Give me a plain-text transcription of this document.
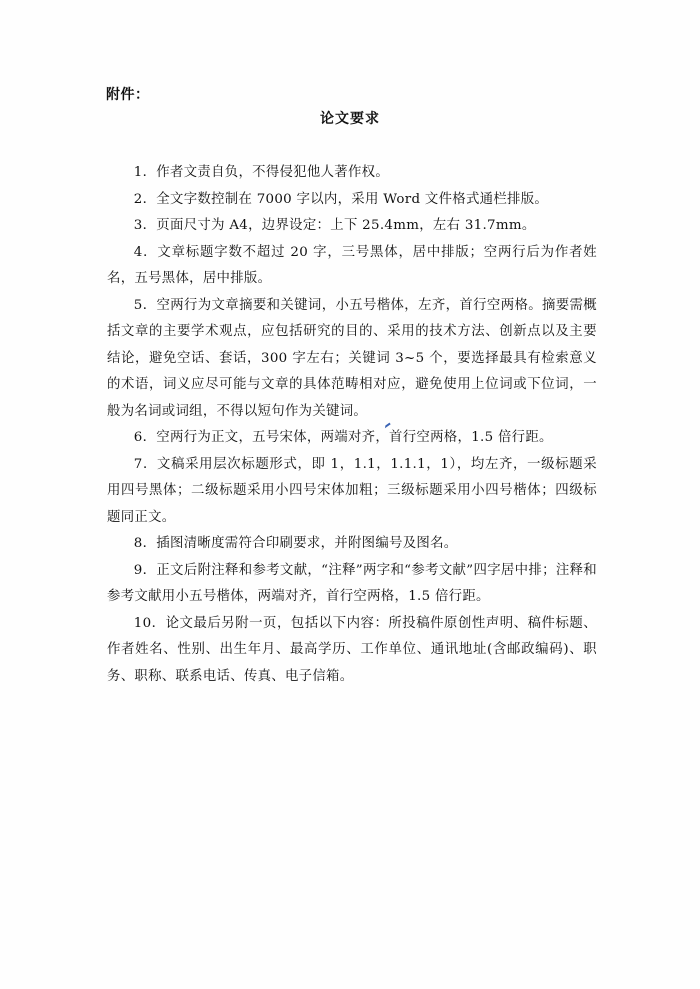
附件：
论文要求

1．作者文责自负，不得侵犯他人著作权。

2．全文字数控制在 7000 字以内，采用 Word 文件格式通栏排版。

3．页面尺寸为 A4，边界设定：上下 25.4mm，左右 31.7mm。

4．文章标题字数不超过 20 字，三号黑体，居中排版；空两行后为作者姓名，五号黑体，居中排版。

5．空两行为文章摘要和关键词，小五号楷体，左齐，首行空两格。摘要需概括文章的主要学术观点，应包括研究的目的、采用的技术方法、创新点以及主要结论，避免空话、套话，300 字左右；关键词 3~5 个，要选择最具有检索意义的术语，词义应尽可能与文章的具体范畴相对应，避免使用上位词或下位词，一般为名词或词组，不得以短句作为关键词。

6．空两行为正文，五号宋体，两端对齐，首行空两格，1.5 倍行距。

7．文稿采用层次标题形式，即 1，1.1，1.1.1，1），均左齐，一级标题采用四号黑体；二级标题采用小四号宋体加粗；三级标题采用小四号楷体；四级标题同正文。

8．插图清晰度需符合印刷要求，并附图编号及图名。

9．正文后附注释和参考文献，“注释”两字和“参考文献”四字居中排；注释和参考文献用小五号楷体，两端对齐，首行空两格，1.5 倍行距。

10．论文最后另附一页，包括以下内容：所投稿件原创性声明、稿件标题、作者姓名、性别、出生年月、最高学历、工作单位、通讯地址(含邮政编码)、职务、职称、联系电话、传真、电子信箱。
